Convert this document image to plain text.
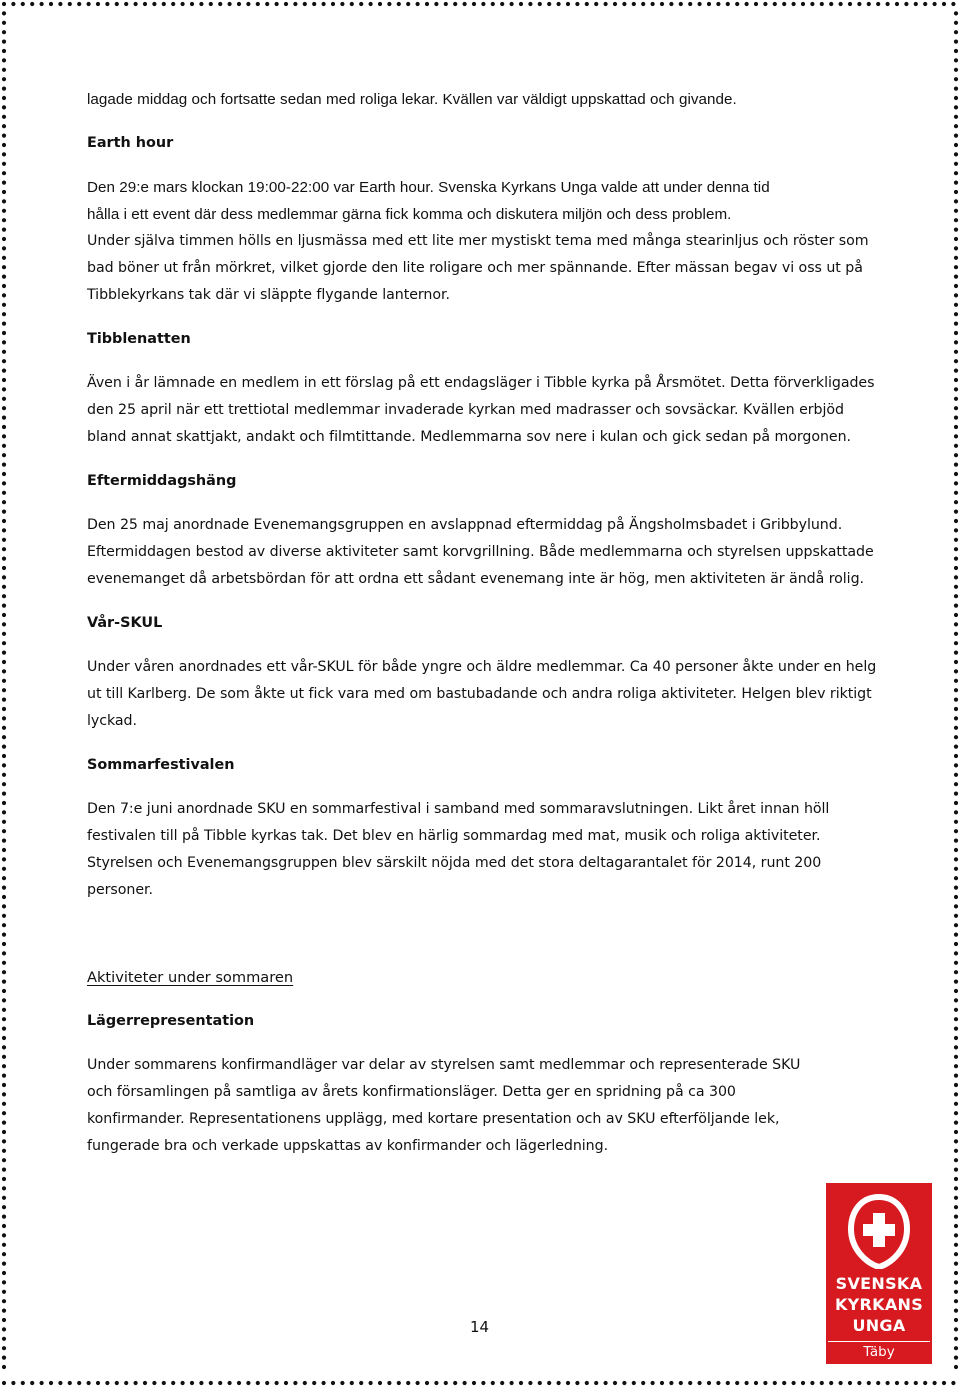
lagade middag och fortsatte sedan med roliga lekar. Kvällen var väldigt uppskattad och givande.

Earth hour

Den 29:e mars klockan 19:00-22:00 var Earth hour. Svenska Kyrkans Unga valde att under denna tid

hålla i ett event där dess medlemmar gärna fick komma och diskutera miljön och dess problem.

Under själva timmen hölls en ljusmässa med ett lite mer mystiskt tema med många stearinljus och röster som bad böner ut från mörkret, vilket gjorde den lite roligare och mer spännande. Efter mässan begav vi oss ut på Tibblekyrkans tak där vi släppte flygande lanternor.

Tibblenatten

Även i år lämnade en medlem in ett förslag på ett endagsläger i Tibble kyrka på Årsmötet. Detta förverkligades den 25 april när ett trettiotal medlemmar invaderade kyrkan med madrasser och sovsäckar. Kvällen erbjöd bland annat skattjakt, andakt och filmtittande. Medlemmarna sov nere i kulan och gick sedan på morgonen.

Eftermiddagshäng

Den 25 maj anordnade Evenemangsgruppen en avslappnad eftermiddag på Ängsholmsbadet i Gribbylund. Eftermiddagen bestod av diverse aktiviteter samt korvgrillning. Både medlemmarna och styrelsen uppskattade evenemanget då arbetsbördan för att ordna ett sådant evenemang inte är hög, men aktiviteten är ändå rolig.

Vår-SKUL

Under våren anordnades ett vår-SKUL för både yngre och äldre medlemmar. Ca 40 personer åkte under en helg ut till Karlberg. De som åkte ut fick vara med om bastubadande och andra roliga aktiviteter. Helgen blev riktigt lyckad.

Sommarfestivalen

Den 7:e juni anordnade SKU en sommarfestival i samband med sommaravslutningen. Likt året innan höll festivalen till på Tibble kyrkas tak. Det blev en härlig sommardag med mat, musik och roliga aktiviteter. Styrelsen och Evenemangsgruppen blev särskilt nöjda med det stora deltagarantalet för 2014, runt 200 personer.

Aktiviteter under sommaren

Lägerrepresentation

Under sommarens konfirmandläger var delar av styrelsen samt medlemmar och representerade SKU och församlingen på samtliga av årets konfirmationsläger. Detta ger en spridning på ca 300 konfirmander. Representationens upplägg, med kortare presentation och av SKU efterföljande lek, fungerade bra och verkade uppskattas av konfirmander och lägerledning.

14
SVENSKA
KYRKANS
UNGA
Täby församling
